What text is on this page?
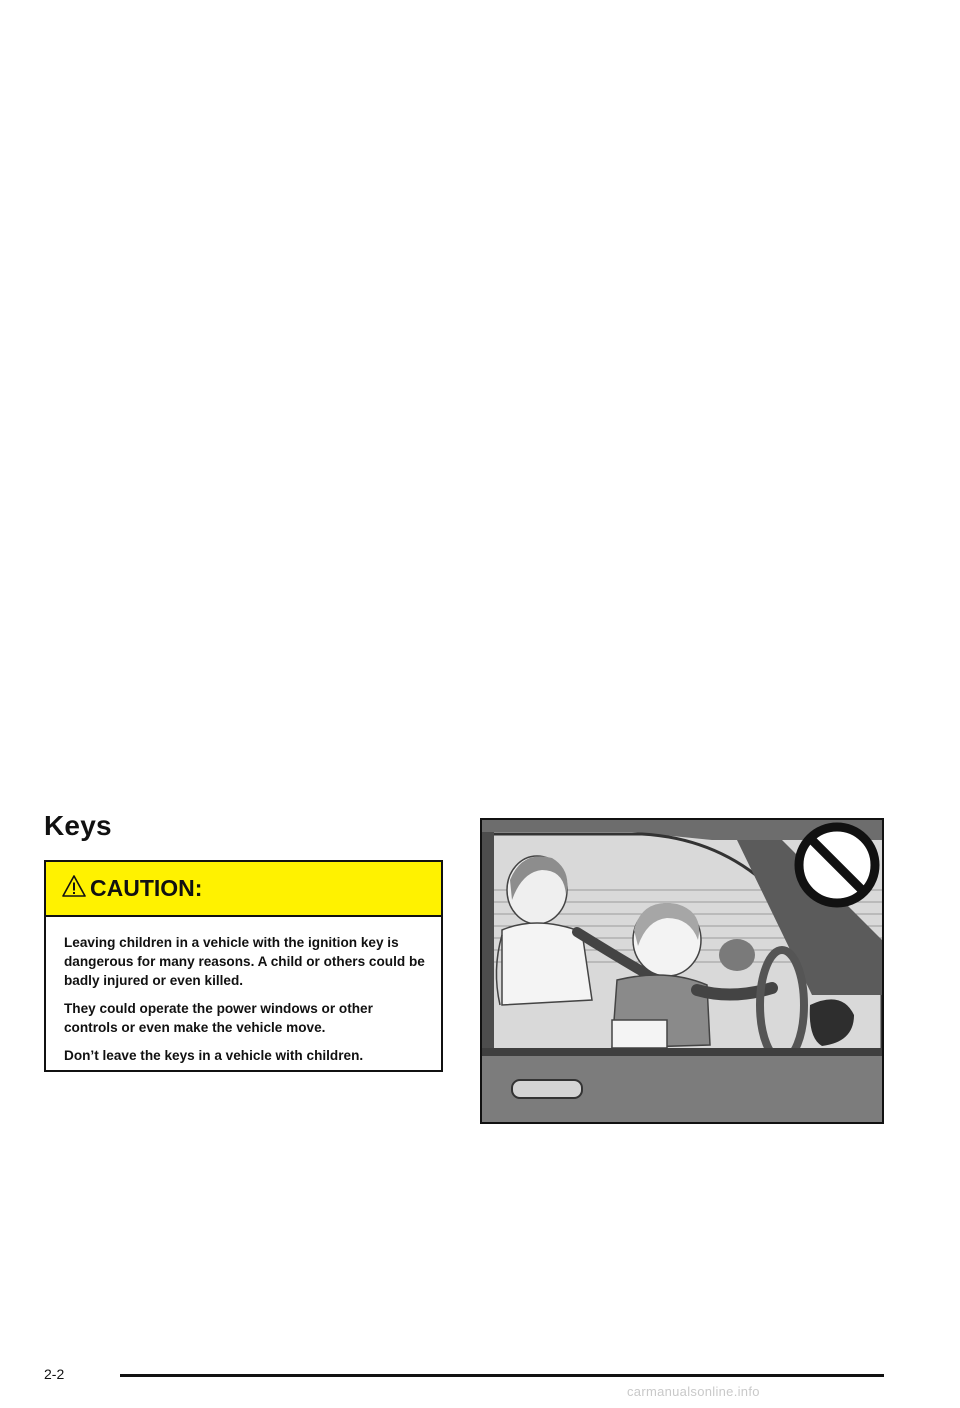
Keys
CAUTION:

Leaving children in a vehicle with the ignition key is dangerous for many reasons. A child or others could be badly injured or even killed.

They could operate the power windows or other controls or even make the vehicle move.

Don’t leave the keys in a vehicle with children.

2-2
carmanualsonline.info
